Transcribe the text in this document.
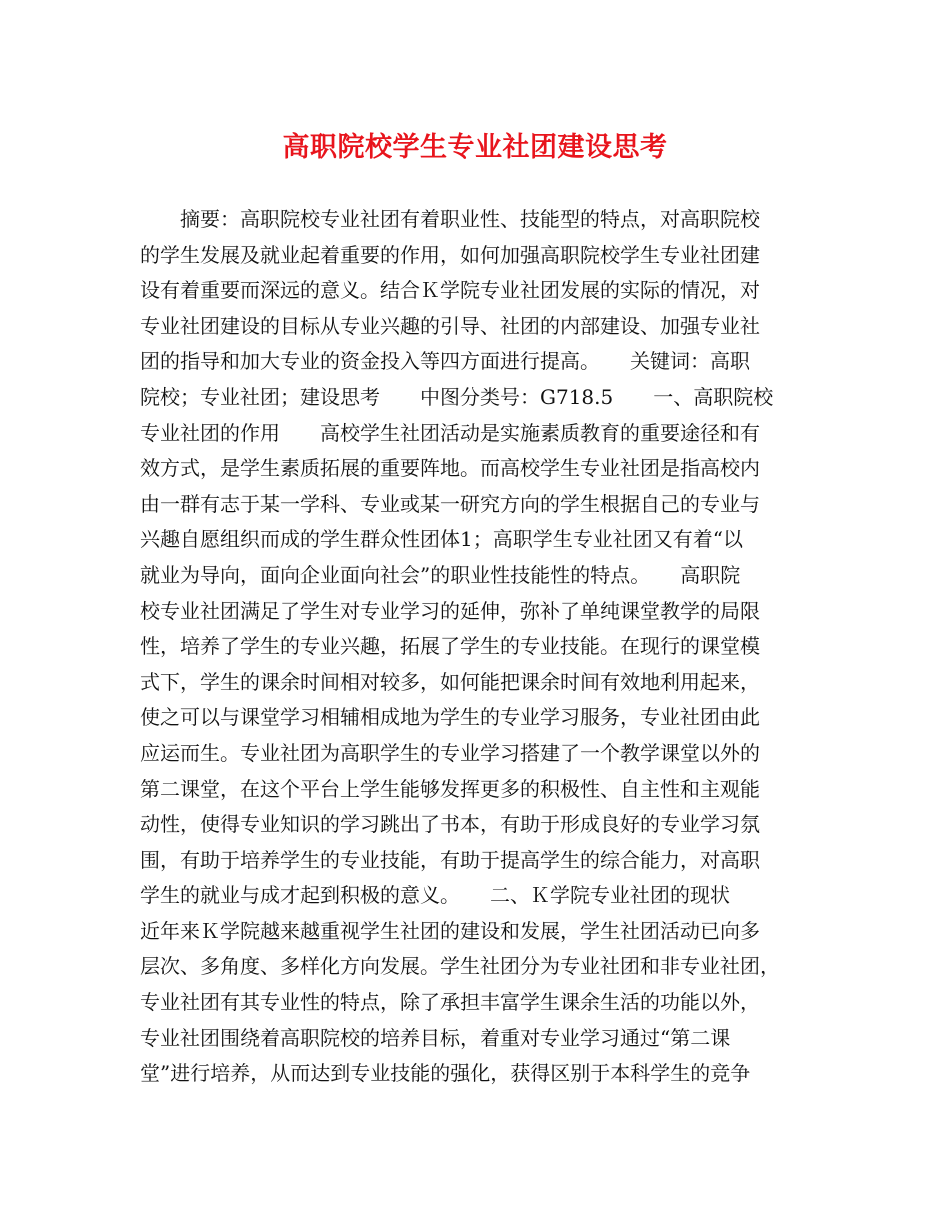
高职院校学生专业社团建设思考
　　摘要：高职院校专业社团有着职业性、技能型的特点，对高职院校
的学生发展及就业起着重要的作用，如何加强高职院校学生专业社团建
设有着重要而深远的意义。结合Ｋ学院专业社团发展的实际的情况，对
专业社团建设的目标从专业兴趣的引导、社团的内部建设、加强专业社
团的指导和加大专业的资金投入等四方面进行提高。　　关键词：高职
院校；专业社团；建设思考　　中图分类号：G718.5　　一、高职院校
专业社团的作用　　高校学生社团活动是实施素质教育的重要途径和有
效方式，是学生素质拓展的重要阵地。而高校学生专业社团是指高校内
由一群有志于某一学科、专业或某一研究方向的学生根据自己的专业与
兴趣自愿组织而成的学生群众性团体1；高职学生专业社团又有着“以
就业为导向，面向企业面向社会”的职业性技能性的特点。　　高职院
校专业社团满足了学生对专业学习的延伸，弥补了单纯课堂教学的局限
性，培养了学生的专业兴趣，拓展了学生的专业技能。在现行的课堂模
式下，学生的课余时间相对较多，如何能把课余时间有效地利用起来，
使之可以与课堂学习相辅相成地为学生的专业学习服务，专业社团由此
应运而生。专业社团为高职学生的专业学习搭建了一个教学课堂以外的
第二课堂，在这个平台上学生能够发挥更多的积极性、自主性和主观能
动性，使得专业知识的学习跳出了书本，有助于形成良好的专业学习氛
围，有助于培养学生的专业技能，有助于提高学生的综合能力，对高职
学生的就业与成才起到积极的意义。　　二、Ｋ学院专业社团的现状　
近年来Ｋ学院越来越重视学生社团的建设和发展，学生社团活动已向多
层次、多角度、多样化方向发展。学生社团分为专业社团和非专业社团，
专业社团有其专业性的特点，除了承担丰富学生课余生活的功能以外，
专业社团围绕着高职院校的培养目标，着重对专业学习通过“第二课
堂”进行培养，从而达到专业技能的强化，获得区别于本科学生的竞争
